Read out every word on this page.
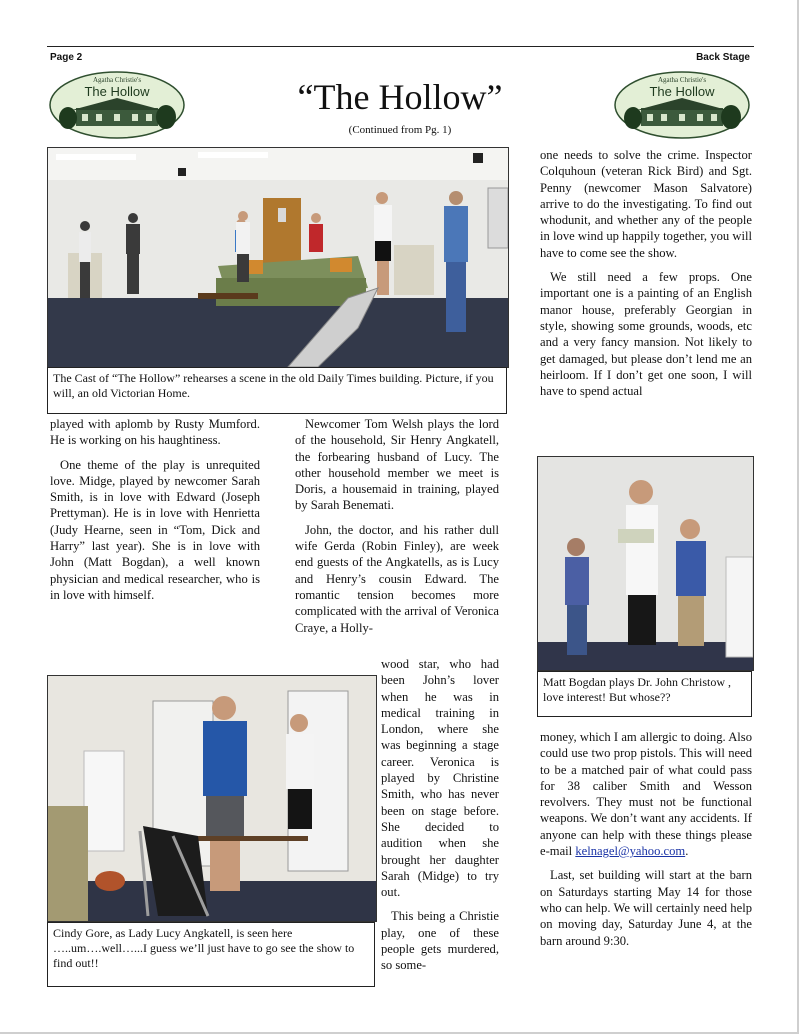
Page 2	Back Stage
Agatha Christie's
The Hollow
Agatha Christie's
The Hollow
“The Hollow”
(Continued from Pg. 1)
The Cast of “The Hollow” rehearses a scene in the old Daily Times building. Picture, if you will, an old Victorian Home.

played with aplomb by Rusty Mumford. He is working on his haughtiness.

One theme of the play is unrequited love. Midge, played by newcomer Sarah Smith, is in love with Edward (Joseph Prettyman). He is in love with Henrietta (Judy Hearne, seen in “Tom, Dick and Harry” last year). She is in love with John (Matt Bogdan), a well known physician and medical researcher, who is in love with himself.

Newcomer Tom Welsh plays the lord of the household, Sir Henry Angkatell, the forbearing husband of Lucy. The other household member we meet is Doris, a housemaid in training, played by Sarah Benemati.

John, the doctor, and his rather dull wife Gerda (Robin Finley), are week end guests of the Angkatells, as is Lucy and Henry’s cousin Edward. The romantic tension becomes more complicated with the arrival of Veronica Craye, a Holly-

wood star, who had been John’s lover when he was in medical training in London, where she was beginning a stage career. Veronica is played by Christine Smith, who has never been on stage before. She decided to audition when she brought her daughter Sarah (Midge) to try out.

This being a Christie play, one of these people gets murdered, so some-

Cindy Gore, as Lady Lucy Angkatell, is seen here
…..um….well…...I guess we’ll just have to go see the show to find out!!

one needs to solve the crime. Inspector Colquhoun (veteran Rick Bird) and Sgt. Penny (newcomer Mason Salvatore) arrive to do the investigating. To find out whodunit, and whether any of the people in love wind up happily together, you will have to come see the show.

We still need a few props. One important one is a painting of an English manor house, preferably Georgian in style, showing some grounds, woods, etc and a very fancy mansion. Not likely to get damaged, but please don’t lend me an heirloom. If I don’t get one soon, I will have to spend actual

Matt Bogdan plays Dr. John Christow , love interest! But whose??

money, which I am allergic to doing. Also could use two prop pistols. This will need to be a matched pair of what could pass for 38 caliber Smith and Wesson revolvers. They must not be functional weapons. We don’t want any accidents. If anyone can help with these things please e-mail kelnagel@yahoo.com.

Last, set building will start at the barn on Saturdays starting May 14 for those who can help. We will certainly need help on moving day, Saturday June 4, at the barn around 9:30.
